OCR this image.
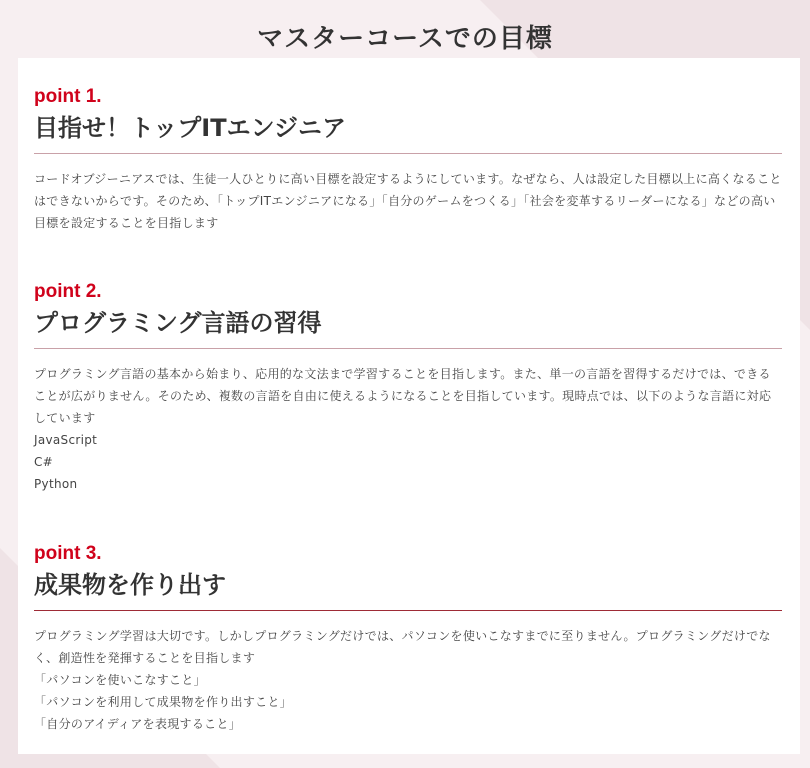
マスターコースでの目標

point 1.

目指せ！トップITエンジニア

コードオブジーニアスでは、生徒一人ひとりに高い目標を設定するようにしています。なぜなら、人は設定した目標以上に高くなることはできないからです。そのため、「トップITエンジニアになる」「自分のゲームをつくる」「社会を変革するリーダーになる」などの高い目標を設定することを目指します

point 2.

プログラミング言語の習得

プログラミング言語の基本から始まり、応用的な文法まで学習することを目指します。また、単一の言語を習得するだけでは、できることが広がりません。そのため、複数の言語を自由に使えるようになることを目指しています。現時点では、以下のような言語に対応しています

JavaScript

C#

Python

point 3.

成果物を作り出す

プログラミング学習は大切です。しかしプログラミングだけでは、パソコンを使いこなすまでに至りません。プログラミングだけでなく、創造性を発揮することを目指します

「パソコンを使いこなすこと」

「パソコンを利用して成果物を作り出すこと」

「自分のアイディアを表現すること」
